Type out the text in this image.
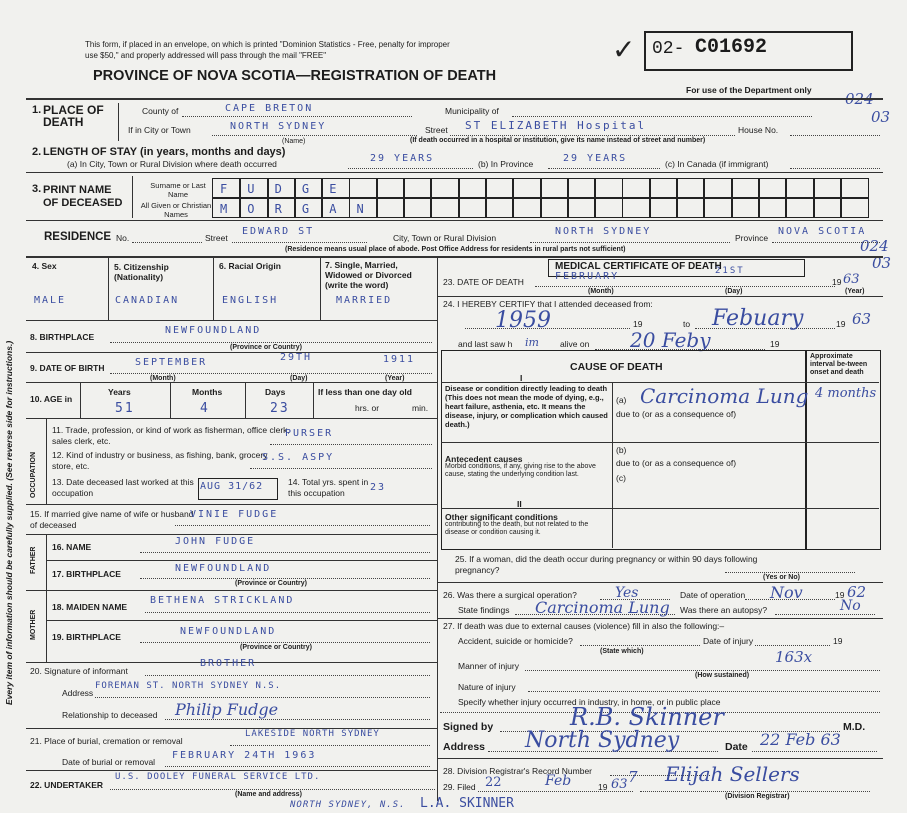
Every item of information should be carefully supplied. (See reverse side for instructions.)
This form, if placed in an envelope, on which is printed "Dominion Statistics - Free, penalty for improper
use $50," and properly addressed will pass through the mail "FREE"
PROVINCE OF NOVA SCOTIA—REGISTRATION OF DEATH
✓ 02- C01692
For use of the Department only 024
03
024
03
1. PLACE OF DEATH
County of	CAPE BRETON	Municipality of
If in City or Town	NORTH SYDNEY
(Name)
Street ST ELIZABETH Hospital	House No.
(If death occurred in a hospital or institution, give its name instead of street and number)
2. LENGTH OF STAY (in years, months and days)
(a) In City, Town or Rural Division where death occurred	29 YEARS	(b) In Province	29 YEARS	(c) In Canada (if immigrant)
3. PRINT NAME OF DECEASED
Surname or Last Name
All Given or Christian Names
F U D G E
M O R G A N
RESIDENCE No.	Street
EDWARD ST
City, Town or Rural Division
NORTH SYDNEY
Province
NOVA SCOTIA
(Residence means usual place of abode. Post Office Address for residents in rural parts not sufficient)
4. Sex	5. Citizenship (Nationality)
6. Racial Origin	7. Single, Married, Widowed or Divorced (write the word)
MALE	CANADIAN	ENGLISH	MARRIED
8. BIRTHPLACE
NEWFOUNDLAND
(Province or Country)
9. DATE OF BIRTH	SEPTEMBER	29TH	1911
(Month)	(Day)	(Year)
10. AGE in
Years	Months	Days	If less than one day old
51	4	23	hrs. or	min.
OCCUPATION
11. Trade, profession, or kind of work as fisherman, office clerk, sales clerk, etc.
PURSER
12. Kind of industry or business, as fishing, bank, grocery store, etc.
S.S. ASPY
13. Date deceased last worked at this occupation
AUG 31/62	14. Total yrs. spent in this occupation	23
15. If married give name of wife or husband of deceased
VINIE FUDGE
FATHER 16. NAME	JOHN FUDGE
17. BIRTHPLACE	NEWFOUNDLAND
(Province or Country)
MOTHER
18. MAIDEN NAME
BETHENA STRICKLAND
19. BIRTHPLACE	NEWFOUNDLAND
(Province or Country)
20. Signature of informant
BROTHER
Address
FOREMAN ST. NORTH SYDNEY N.S.
Relationship to deceased Philip Fudge
21. Place of burial, cremation or removal
LAKESIDE NORTH SYDNEY
Date of burial or removal
FEBRUARY 24TH 1963
22. UNDERTAKER
U.S. DOOLEY FUNERAL SERVICE LTD.
(Name and address)
NORTH SYDNEY, N.S. L.A. SKINNER
MEDICAL CERTIFICATE OF DEATH
23. DATE OF DEATH	FEBRUARY	21ST
19 63
(Month)	(Day)	(Year)
24. I HEREBY CERTIFY that I attended deceased from:
1959	19	to Febuary	19 63
and last saw h im alive on 20 Feby	19
CAUSE OF DEATH
Approximate interval be-tween onset and death
I
II
Disease or condition directly leading to death (This does not mean the mode of dying, e.g., heart failure, asthenia, etc. It means the disease, injury, or complication which caused death.)
(a) Carcinoma Lung 4 months
due to (or as a consequence of)
(b)
Antecedent causes
Morbid conditions, if any, giving rise to the above cause, stating the underlying condition last.
due to (or as a consequence of)
(c)
Other significant conditions
contributing to the death, but not related to the disease or condition causing it.
25. If a woman, did the death occur during pregnancy or within 90 days following pregnancy?
(Yes or No)
26. Was there a surgical operation?	Yes	Date of operation Nov	19 62
State findings Carcinoma Lung Was there an autopsy?	No
27. If death was due to external causes (violence) fill in also the following:–
Accident, suicide or homicide?	Date of injury	19
(State which)
Manner of injury	163x
(How sustained)
Nature of injury
Specify whether injury occurred in industry, in home, or in public place
Signed by	R.B. Skinner	M.D.
Address North Sydney	Date 22 Feb 63
28. Division Registrar's Record Number 7
29. Filed 22	Feb	19 63 Elijah Sellers
(Division Registrar)
